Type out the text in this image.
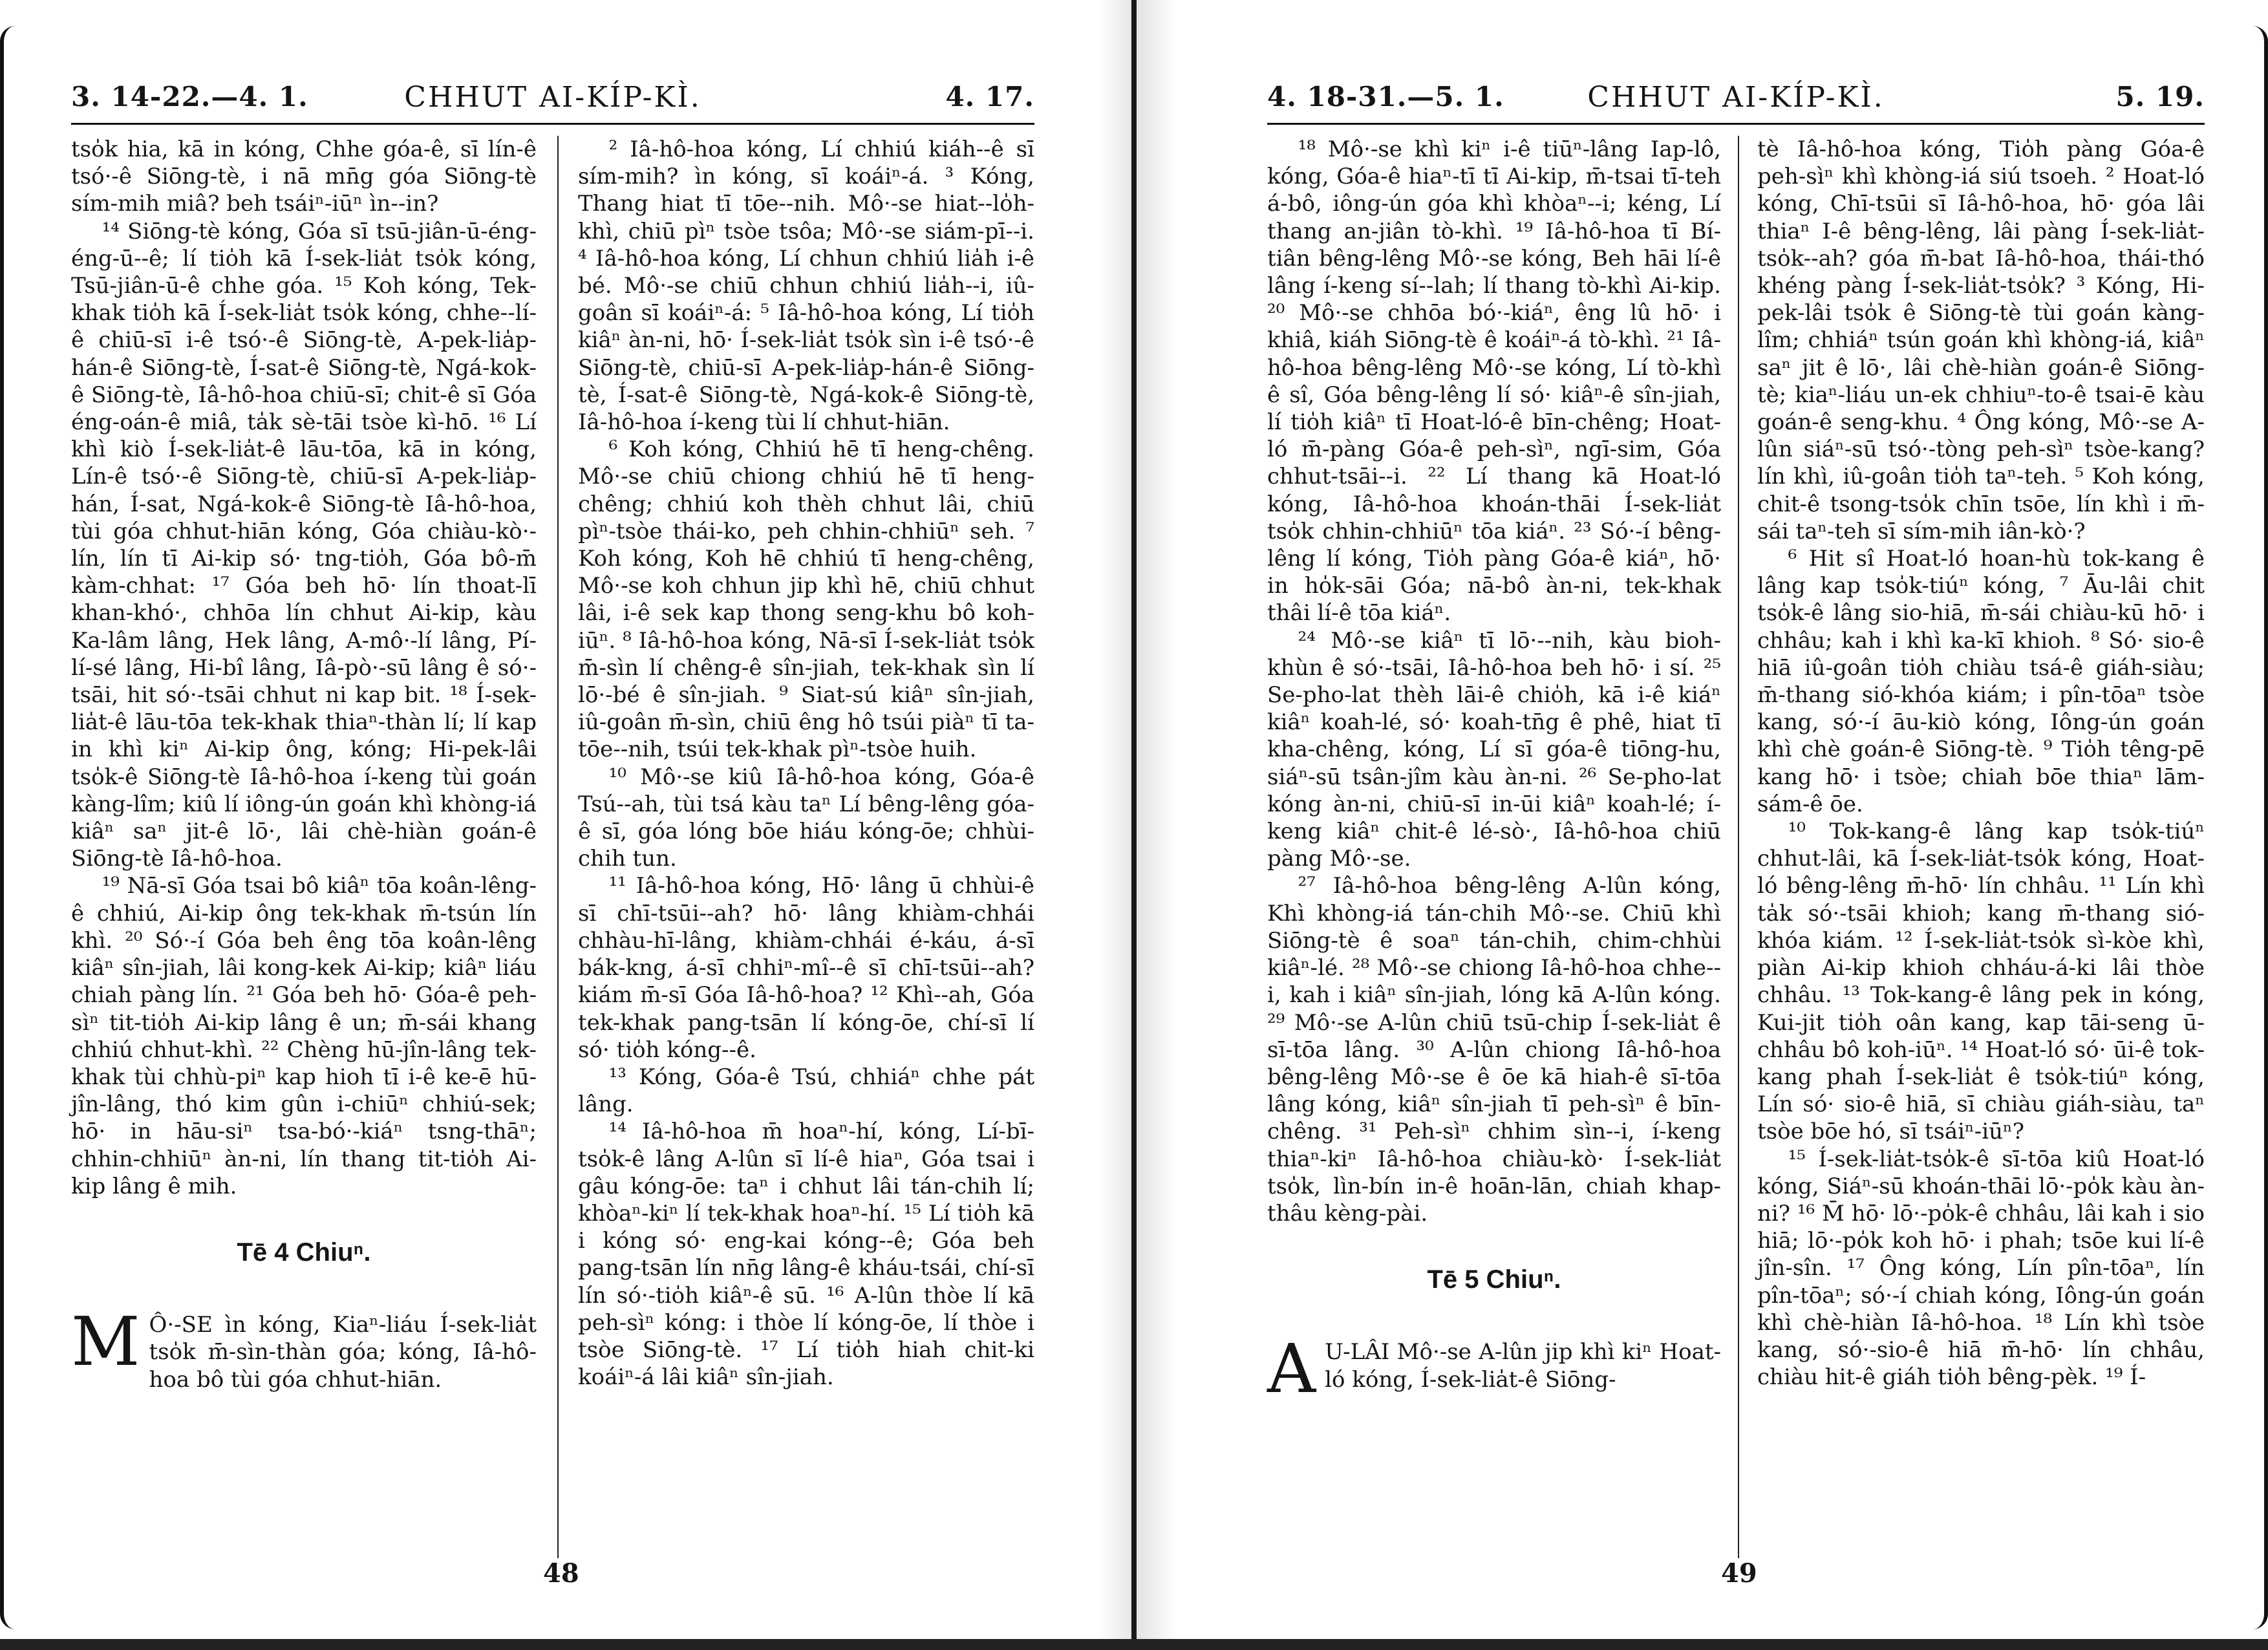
3. 14-22.—4. 1.	CHHUT AI-KÍP-KÌ.	4. 17.

tso̍k hia, kā in kóng, Chhe góa-ê, sī lín-ê tsó·-ê Siōng-tè, i nā mn̄g góa Siōng-tè sím-mih miâ? beh tsáiⁿ-iūⁿ ìn--in?

¹⁴ Siōng-tè kóng, Góa sī tsū-jiân-ū-éng-éng-ū--ê; lí tio̍h kā Í-sek-lia̍t tso̍k kóng, Tsū-jiân-ū-ê chhe góa. ¹⁵ Koh kóng, Tek-khak tio̍h kā Í-sek-lia̍t tso̍k kóng, chhe--lí-ê chiū-sī i-ê tsó·-ê Siōng-tè, A-pek-lia̍p-hán-ê Siōng-tè, Í-sat-ê Siōng-tè, Ngá-kok-ê Siōng-tè, Iâ-hô-hoa chiū-sī; chit-ê sī Góa éng-oán-ê miâ, ta̍k sè-tāi tsòe kì-hō. ¹⁶ Lí khì kiò Í-sek-lia̍t-ê lāu-tōa, kā in kóng, Lín-ê tsó·-ê Siōng-tè, chiū-sī A-pek-lia̍p-hán, Í-sat, Ngá-kok-ê Siōng-tè Iâ-hô-hoa, tùi góa chhut-hiān kóng, Góa chiàu-kò·-lín, lín tī Ai-kip só· tng-tio̍h, Góa bô-m̄ kàm-chhat: ¹⁷ Góa beh hō· lín thoat-lī khan-khó·, chhōa lín chhut Ai-kip, kàu Ka-lâm lâng, Hek lâng, A-mô·-lí lâng, Pí-lí-sé lâng, Hi-bî lâng, Iâ-pò·-sū lâng ê só·-tsāi, hit só·-tsāi chhut ni kap bit. ¹⁸ Í-sek-lia̍t-ê lāu-tōa tek-khak thiaⁿ-thàn lí; lí kap in khì kiⁿ Ai-kip ông, kóng; Hi-pek-lâi tso̍k-ê Siōng-tè Iâ-hô-hoa í-keng tùi goán kàng-lîm; kiû lí iông-ún goán khì khòng-iá kiâⁿ saⁿ jit-ê lō·, lâi chè-hiàn goán-ê Siōng-tè Iâ-hô-hoa.

¹⁹ Nā-sī Góa tsai bô kiâⁿ tōa koân-lêng-ê chhiú, Ai-kip ông tek-khak m̄-tsún lín khì. ²⁰ Só·-í Góa beh êng tōa koân-lêng kiâⁿ sîn-jiah, lâi kong-kek Ai-kip; kiâⁿ liáu chiah pàng lín. ²¹ Góa beh hō· Góa-ê peh-sìⁿ tit-tio̍h Ai-kip lâng ê un; m̄-sái khang chhiú chhut-khì. ²² Chèng hū-jîn-lâng tek-khak tùi chhù-piⁿ kap hioh tī i-ê ke-ē hū-jîn-lâng, thó kim gûn i-chiūⁿ chhiú-sek; hō· in hāu-siⁿ tsa-bó·-kiáⁿ tsng-thāⁿ; chhin-chhiūⁿ àn-ni, lín thang tit-tio̍h Ai-kip lâng ê mih.

Tē 4 Chiuⁿ.

M Ô·-SE ìn kóng, Kiaⁿ-liáu Í-sek-lia̍t tso̍k m̄-sìn-thàn góa; kóng, Iâ-hô-hoa bô tùi góa chhut-hiān.

² Iâ-hô-hoa kóng, Lí chhiú kiáh--ê sī sím-mih? ìn kóng, sī koáiⁿ-á. ³ Kóng, Thang hiat tī tōe--nih. Mô·-se hiat--lo̍h-khì, chiū pìⁿ tsòe tsôa; Mô·-se siám-pī--i. ⁴ Iâ-hô-hoa kóng, Lí chhun chhiú lia̍h i-ê bé. Mô·-se chiū chhun chhiú lia̍h--i, iû-goân sī koáiⁿ-á: ⁵ Iâ-hô-hoa kóng, Lí tio̍h kiâⁿ àn-ni, hō· Í-sek-lia̍t tso̍k sìn i-ê tsó·-ê Siōng-tè, chiū-sī A-pek-lia̍p-hán-ê Siōng-tè, Í-sat-ê Siōng-tè, Ngá-kok-ê Siōng-tè, Iâ-hô-hoa í-keng tùi lí chhut-hiān.

⁶ Koh kóng, Chhiú hē tī heng-chêng. Mô·-se chiū chiong chhiú hē tī heng-chêng; chhiú koh thèh chhut lâi, chiū pìⁿ-tsòe thái-ko, peh chhin-chhiūⁿ seh. ⁷ Koh kóng, Koh hē chhiú tī heng-chêng, Mô·-se koh chhun jip khì hē, chiū chhut lâi, i-ê sek kap thong seng-khu bô koh-iūⁿ. ⁸ Iâ-hô-hoa kóng, Nā-sī Í-sek-lia̍t tso̍k m̄-sìn lí chêng-ê sîn-jiah, tek-khak sìn lí lō·-bé ê sîn-jiah. ⁹ Siat-sú kiâⁿ sîn-jiah, iû-goân m̄-sìn, chiū êng hô tsúi piàⁿ tī ta-tōe--nih, tsúi tek-khak pìⁿ-tsòe huih.

¹⁰ Mô·-se kiû Iâ-hô-hoa kóng, Góa-ê Tsú--ah, tùi tsá kàu taⁿ Lí bêng-lêng góa-ê sī, góa lóng bōe hiáu kóng-ōe; chhùi-chih tun.

¹¹ Iâ-hô-hoa kóng, Hō· lâng ū chhùi-ê sī chī-tsūi--ah? hō· lâng khiàm-chhái chhàu-hī-lâng, khiàm-chhái é-káu, á-sī bák-kng, á-sī chhiⁿ-mî--ê sī chī-tsūi--ah? kiám m̄-sī Góa Iâ-hô-hoa? ¹² Khì--ah, Góa tek-khak pang-tsān lí kóng-ōe, chí-sī lí só· tio̍h kóng--ê.

¹³ Kóng, Góa-ê Tsú, chhiáⁿ chhe pát lâng.

¹⁴ Iâ-hô-hoa m̄ hoaⁿ-hí, kóng, Lí-bī-tso̍k-ê lâng A-lûn sī lí-ê hiaⁿ, Góa tsai i gâu kóng-ōe: taⁿ i chhut lâi tán-chih lí; khòaⁿ-kiⁿ lí tek-khak hoaⁿ-hí. ¹⁵ Lí tio̍h kā i kóng só· eng-kai kóng--ê; Góa beh pang-tsān lín nn̄g lâng-ê kháu-tsái, chí-sī lín só·-tio̍h kiâⁿ-ê sū. ¹⁶ A-lûn thòe lí kā peh-sìⁿ kóng: i thòe lí kóng-ōe, lí thòe i tsòe Siōng-tè. ¹⁷ Lí tio̍h hiah chit-ki koáiⁿ-á lâi kiâⁿ sîn-jiah.

48
4. 18-31.—5. 1.	CHHUT AI-KÍP-KÌ.	5. 19.

¹⁸ Mô·-se khì kiⁿ i-ê tiūⁿ-lâng Iap-lô, kóng, Góa-ê hiaⁿ-tī tī Ai-kip, m̄-tsai tī-teh á-bô, iông-ún góa khì khòaⁿ--i; kéng, Lí thang an-jiân tò-khì. ¹⁹ Iâ-hô-hoa tī Bí-tiân bêng-lêng Mô·-se kóng, Beh hāi lí-ê lâng í-keng sí--lah; lí thang tò-khì Ai-kip. ²⁰ Mô·-se chhōa bó·-kiáⁿ, êng lû hō· i khiâ, kiáh Siōng-tè ê koáiⁿ-á tò-khì. ²¹ Iâ-hô-hoa bêng-lêng Mô·-se kóng, Lí tò-khì ê sî, Góa bêng-lêng lí só· kiâⁿ-ê sîn-jiah, lí tio̍h kiâⁿ tī Hoat-ló-ê bīn-chêng; Hoat-ló m̄-pàng Góa-ê peh-sìⁿ, ngī-sim, Góa chhut-tsāi--i. ²² Lí thang kā Hoat-ló kóng, Iâ-hô-hoa khoán-thāi Í-sek-lia̍t tso̍k chhin-chhiūⁿ tōa kiáⁿ. ²³ Só·-í bêng-lêng lí kóng, Tio̍h pàng Góa-ê kiáⁿ, hō· in ho̍k-sāi Góa; nā-bô àn-ni, tek-khak thâi lí-ê tōa kiáⁿ.

²⁴ Mô·-se kiâⁿ tī lō·--nih, kàu bioh-khùn ê só·-tsāi, Iâ-hô-hoa beh hō· i sí. ²⁵ Se-pho-lat thèh lāi-ê chio̍h, kā i-ê kiáⁿ kiâⁿ koah-lé, só· koah-tn̄g ê phê, hiat tī kha-chêng, kóng, Lí sī góa-ê tiōng-hu, siáⁿ-sū tsân-jîm kàu àn-ni. ²⁶ Se-pho-lat kóng àn-ni, chiū-sī in-ūi kiâⁿ koah-lé; í-keng kiâⁿ chit-ê lé-sò·, Iâ-hô-hoa chiū pàng Mô·-se.

²⁷ Iâ-hô-hoa bêng-lêng A-lûn kóng, Khì khòng-iá tán-chih Mô·-se. Chiū khì Siōng-tè ê soaⁿ tán-chih, chim-chhùi kiâⁿ-lé. ²⁸ Mô·-se chiong Iâ-hô-hoa chhe--i, kah i kiâⁿ sîn-jiah, lóng kā A-lûn kóng. ²⁹ Mô·-se A-lûn chiū tsū-chip Í-sek-lia̍t ê sī-tōa lâng. ³⁰ A-lûn chiong Iâ-hô-hoa bêng-lêng Mô·-se ê ōe kā hiah-ê sī-tōa lâng kóng, kiâⁿ sîn-jiah tī peh-sìⁿ ê bīn-chêng. ³¹ Peh-sìⁿ chhim sìn--i, í-keng thiaⁿ-kiⁿ Iâ-hô-hoa chiàu-kò· Í-sek-lia̍t tso̍k, lìn-bín in-ê hoān-lān, chiah khap-thâu kèng-pài.

Tē 5 Chiuⁿ.

A U-LÂI Mô·-se A-lûn jip khì kiⁿ Hoat-ló kóng, Í-sek-lia̍t-ê Siōng-

tè Iâ-hô-hoa kóng, Tio̍h pàng Góa-ê peh-sìⁿ khì khòng-iá siú tsoeh. ² Hoat-ló kóng, Chī-tsūi sī Iâ-hô-hoa, hō· góa lâi thiaⁿ I-ê bêng-lêng, lâi pàng Í-sek-lia̍t-tso̍k--ah? góa m̄-bat Iâ-hô-hoa, thái-thó khéng pàng Í-sek-lia̍t-tso̍k? ³ Kóng, Hi-pek-lâi tso̍k ê Siōng-tè tùi goán kàng-lîm; chhiáⁿ tsún goán khì khòng-iá, kiâⁿ saⁿ jit ê lō·, lâi chè-hiàn goán-ê Siōng-tè; kiaⁿ-liáu un-ek chhiuⁿ-to-ê tsai-ē kàu goán-ê seng-khu. ⁴ Ông kóng, Mô·-se A-lûn siáⁿ-sū tsó·-tòng peh-sìⁿ tsòe-kang? lín khì, iû-goân tio̍h taⁿ-teh. ⁵ Koh kóng, chit-ê tsong-tso̍k chīn tsōe, lín khì i m̄-sái taⁿ-teh sī sím-mih iân-kò·?

⁶ Hit sî Hoat-ló hoan-hù tok-kang ê lâng kap tso̍k-tiúⁿ kóng, ⁷ Āu-lâi chit tso̍k-ê lâng sio-hiā, m̄-sái chiàu-kū hō· i chhâu; kah i khì ka-kī khioh. ⁸ Só· sio-ê hiā iû-goân tio̍h chiàu tsá-ê giáh-siàu; m̄-thang sió-khóa kiám; i pîn-tōaⁿ tsòe kang, só·-í āu-kiò kóng, Iông-ún goán khì chè goán-ê Siōng-tè. ⁹ Tio̍h têng-pē kang hō· i tsòe; chiah bōe thiaⁿ lām-sám-ê ōe.

¹⁰ Tok-kang-ê lâng kap tso̍k-tiúⁿ chhut-lâi, kā Í-sek-lia̍t-tso̍k kóng, Hoat-ló bêng-lêng m̄-hō· lín chhâu. ¹¹ Lín khì ta̍k só·-tsāi khioh; kang m̄-thang sió-khóa kiám. ¹² Í-sek-lia̍t-tso̍k sì-kòe khì, piàn Ai-kip khioh chháu-á-ki lâi thòe chhâu. ¹³ Tok-kang-ê lâng pek in kóng, Kui-jit tio̍h oân kang, kap tāi-seng ū-chhâu bô koh-iūⁿ. ¹⁴ Hoat-ló só· ūi-ê tok-kang phah Í-sek-lia̍t ê tso̍k-tiúⁿ kóng, Lín só· sio-ê hiā, sī chiàu giáh-siàu, taⁿ tsòe bōe hó, sī tsáiⁿ-iūⁿ?

¹⁵ Í-sek-lia̍t-tso̍k-ê sī-tōa kiû Hoat-ló kóng, Siáⁿ-sū khoán-thāi lō·-po̍k kàu àn-ni? ¹⁶ M̄ hō· lō·-po̍k-ê chhâu, lâi kah i sio hiā; lō·-po̍k koh hō· i phah; tsōe kui lí-ê jîn-sîn. ¹⁷ Ông kóng, Lín pîn-tōaⁿ, lín pîn-tōaⁿ; só·-í chiah kóng, Iông-ún goán khì chè-hiàn Iâ-hô-hoa. ¹⁸ Lín khì tsòe kang, só·-sio-ê hiā m̄-hō· lín chhâu, chiàu hit-ê giáh tio̍h bêng-pèk. ¹⁹ Í-

49
